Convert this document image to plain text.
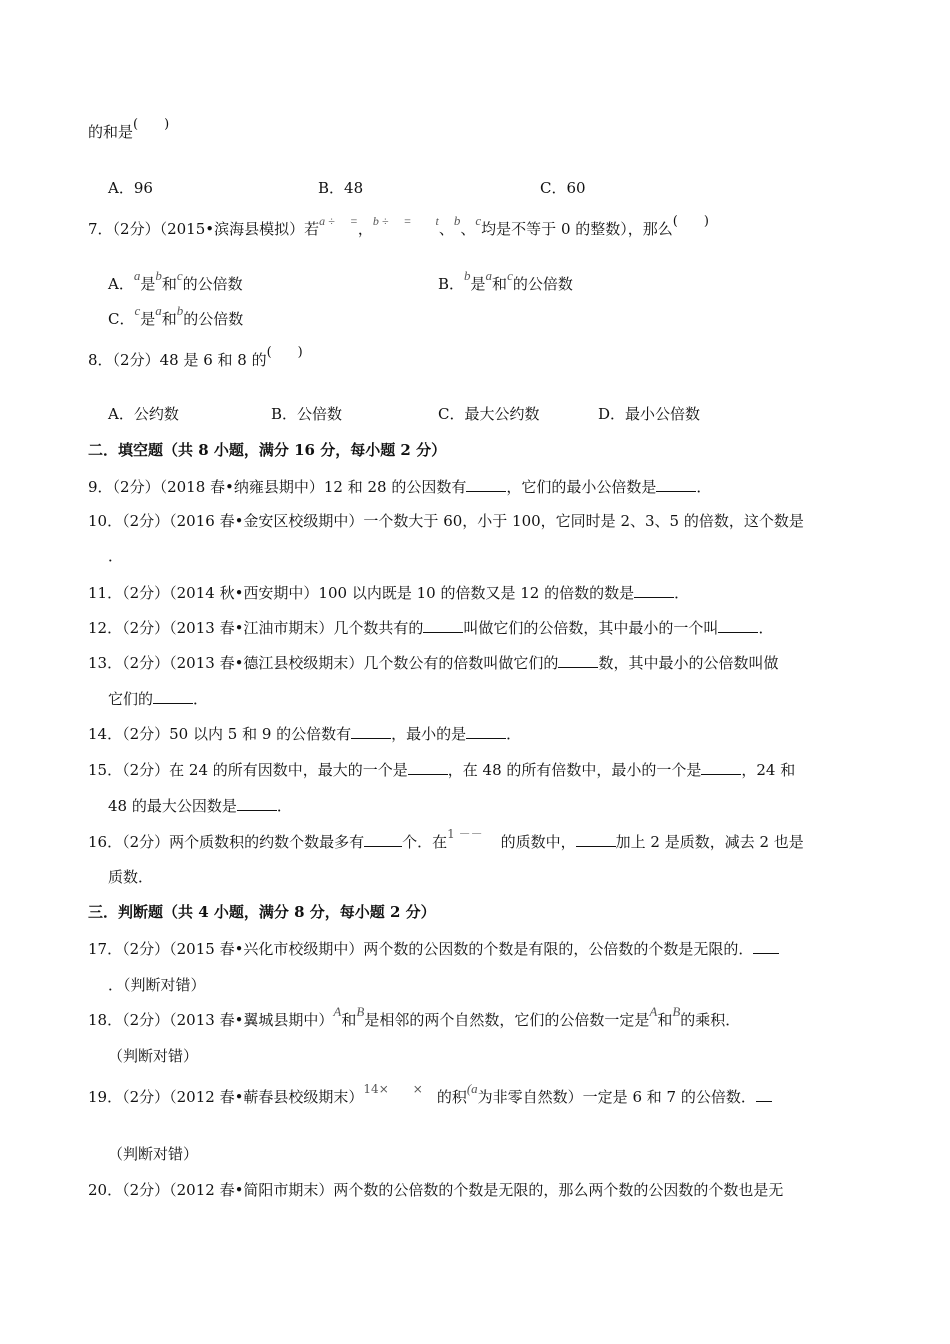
的和是(　　)
A．96	B．48	C．60
7．（2分）（2015•滨海县模拟）若$^{a \div =}$，$^{b \div = t}$、b、c均是不等于 0 的整数），那么(　　)
A．a是b和c的公倍数	B．b是a和c的公倍数
C．c是a和b的公倍数
8．（2分）48 是 6 和 8 的(　　)
A．公约数	B．公倍数	C．最大公约数	D．最小公倍数
二．填空题（共 8 小题，满分 16 分，每小题 2 分）
9．（2分）（2018 春•纳雍县期中）12 和 28 的公因数有	，它们的最小公倍数是	．
10．（2分）（2016 春•金安区校级期中）一个数大于 60，小于 100，它同时是 2、3、5 的倍数，这个数是
．
11．（2分）（2014 秋•西安期中）100 以内既是 10 的倍数又是 12 的倍数的数是	．
12．（2分）（2013 春•江油市期末）几个数共有的	叫做它们的公倍数，其中最小的一个叫	．
13．（2分）（2013 春•德江县校级期末）几个数公有的倍数叫做它们的	数，其中最小的公倍数叫做
它们的	．
14．（2分）50 以内 5 和 9 的公倍数有	，最小的是	．
15．（2分）在 24 的所有因数中，最大的一个是	，在 48 的所有倍数中，最小的一个是	，24 和
48 的最大公因数是	．
16．（2分）两个质数积的约数个数最多有	个．在$^{1 --}$ 的质数中，	加上 2 是质数，减去 2 也是
质数．
三．判断题（共 4 小题，满分 8 分，每小题 2 分）
17．（2分）（2015 春•兴化市校级期中）两个数的公因数的个数是有限的，公倍数的个数是无限的．
．（判断对错）
18．（2分）（2013 春•翼城县期中）A和B是相邻的两个自然数，它们的公倍数一定是A和B的乘积．
（判断对错）
19．（2分）（2012 春•蕲春县校级期末）$^{14\times \times}$ 的积(a为非零自然数）一定是 6 和 7 的公倍数．
（判断对错）
20．（2分）（2012 春•简阳市期末）两个数的公倍数的个数是无限的，那么两个数的公因数的个数也是无
